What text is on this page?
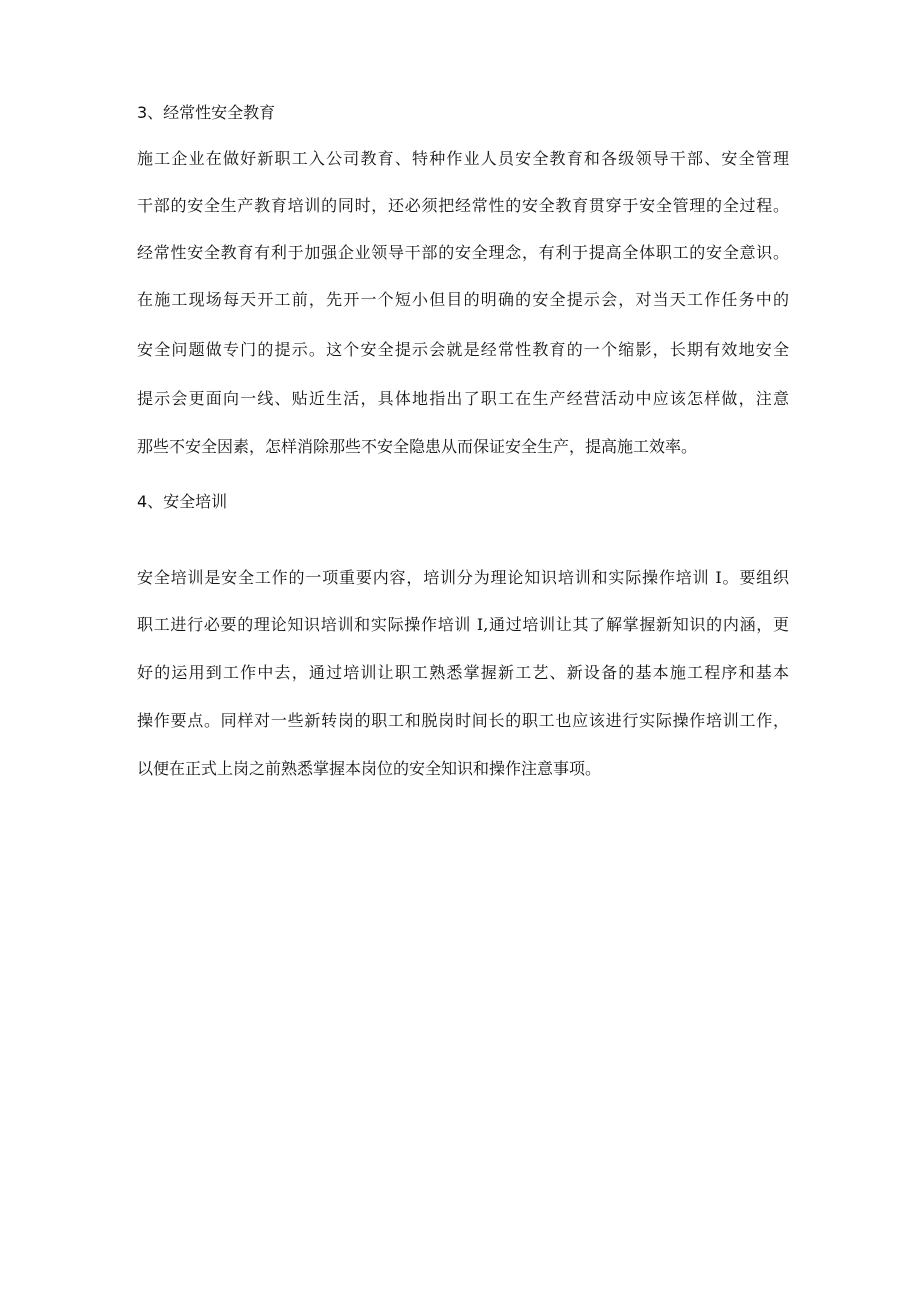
3、经常性安全教育
施工企业在做好新职工入公司教育、特种作业人员安全教育和各级领导干部、安全管理
干部的安全生产教育培训的同时，还必须把经常性的安全教育贯穿于安全管理的全过程。
经常性安全教育有利于加强企业领导干部的安全理念，有利于提高全体职工的安全意识。
在施工现场每天开工前，先开一个短小但目的明确的安全提示会，对当天工作任务中的
安全问题做专门的提示。这个安全提示会就是经常性教育的一个缩影，长期有效地安全
提示会更面向一线、贴近生活，具体地指出了职工在生产经营活动中应该怎样做，注意
那些不安全因素，怎样消除那些不安全隐患从而保证安全生产，提高施工效率。
4、安全培训
安全培训是安全工作的一项重要内容，培训分为理论知识培训和实际操作培训 I。要组织
职工进行必要的理论知识培训和实际操作培训 I,通过培训让其了解掌握新知识的内涵，更
好的运用到工作中去，通过培训让职工熟悉掌握新工艺、新设备的基本施工程序和基本
操作要点。同样对一些新转岗的职工和脱岗时间长的职工也应该进行实际操作培训工作，
以便在正式上岗之前熟悉掌握本岗位的安全知识和操作注意事项。
